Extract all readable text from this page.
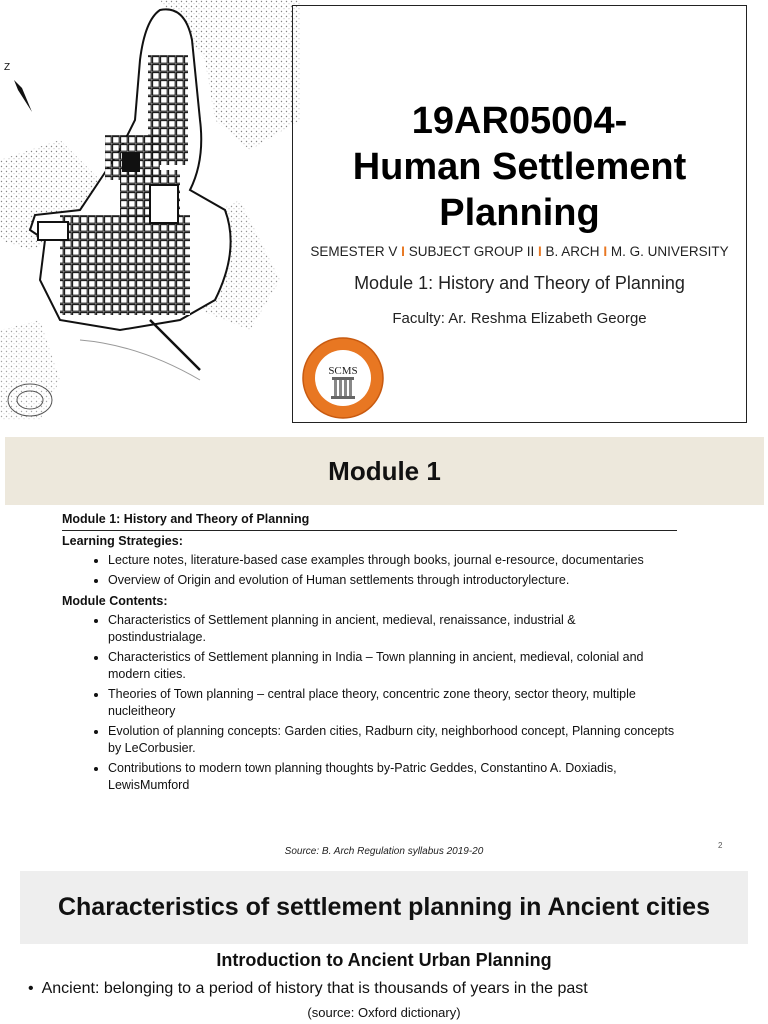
Z
19AR05004-
Human Settlement
Planning
SEMESTER V I SUBJECT GROUP II I B. ARCH I M. G. UNIVERSITY
Module 1: History and Theory of Planning
Faculty: Ar. Reshma Elizabeth George
SCMS
Module 1
Module 1: History and Theory of Planning
Learning Strategies:
• Lecture notes, literature-based case examples through books, journal e-resource, documentaries
• Overview of Origin and evolution of Human settlements through introductorylecture.
Module Contents:
• Characteristics of Settlement planning in ancient, medieval, renaissance, industrial & postindustrialage.
• Characteristics of Settlement planning in India – Town planning in ancient, medieval, colonial and modern cities.
• Theories of Town planning – central place theory, concentric zone theory, sector theory, multiple nucleitheory
• Evolution of planning concepts: Garden cities, Radburn city, neighborhood concept, Planning concepts by LeCorbusier.
• Contributions to modern town planning thoughts by-Patric Geddes, Constantino A. Doxiadis, LewisMumford
Source: B. Arch Regulation syllabus 2019-20
2
Characteristics of settlement planning in Ancient cities
Introduction to Ancient Urban Planning
• Ancient: belonging to a period of history that is thousands of years in the past
(source: Oxford dictionary)
